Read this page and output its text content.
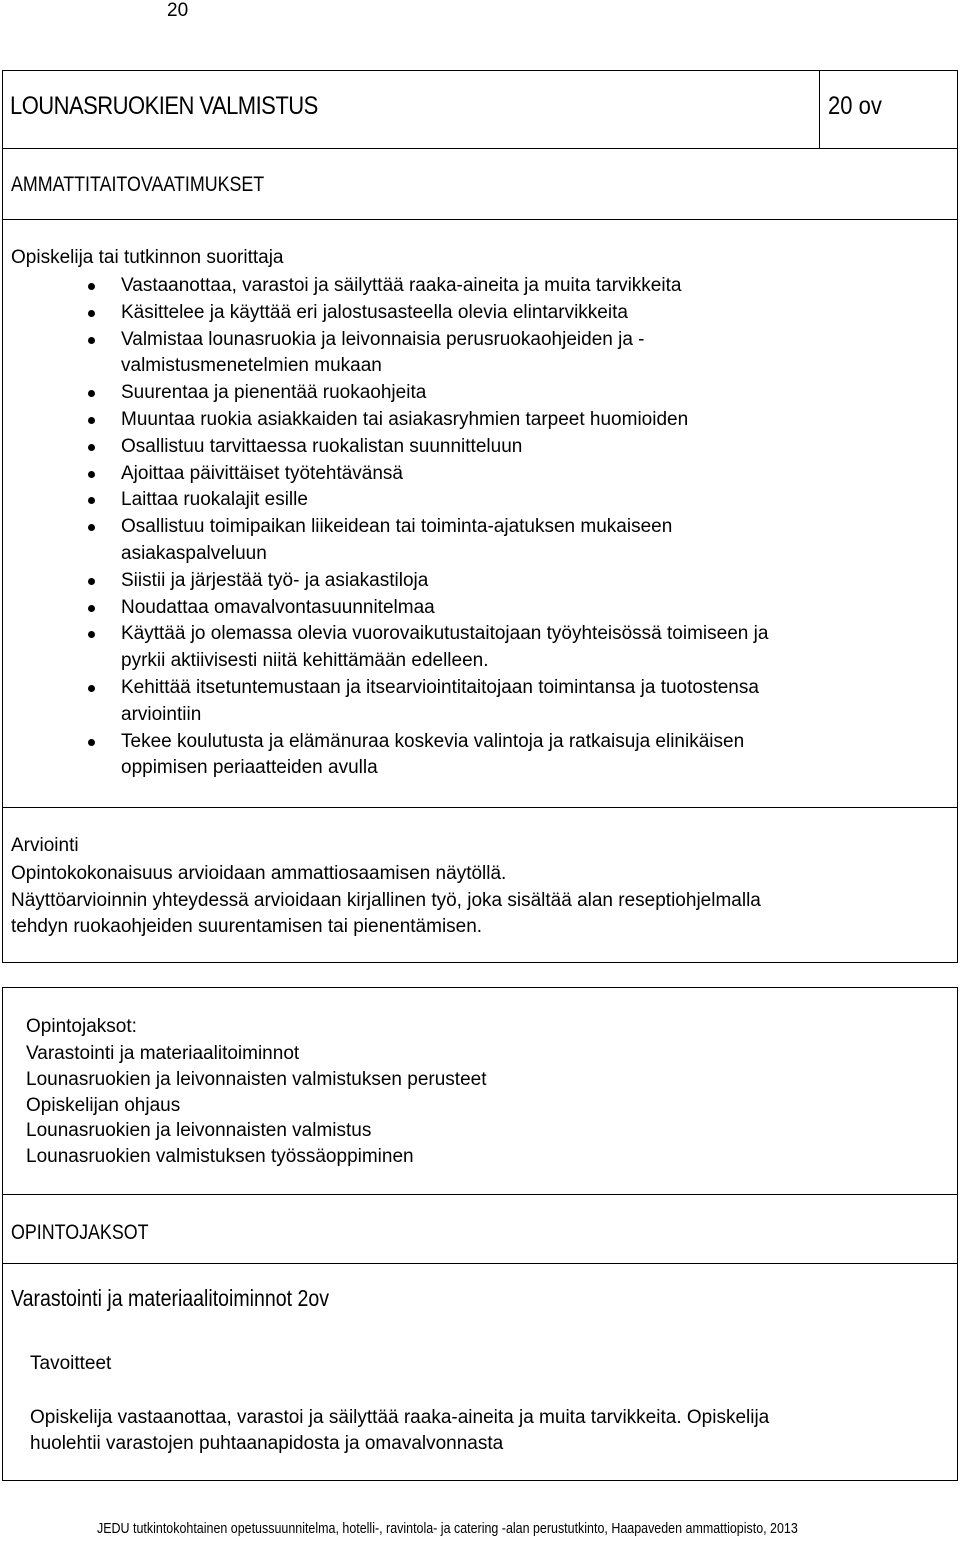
20
LOUNASRUOKIEN VALMISTUS	20 ov
AMMATTITAITOVAATIMUKSET
Opiskelija tai tutkinnon suorittaja
Vastaanottaa, varastoi ja säilyttää raaka-aineita ja muita tarvikkeita
Käsittelee ja käyttää eri jalostusasteella olevia elintarvikkeita
Valmistaa lounasruokia ja leivonnaisia perusruokaohjeiden ja -
valmistusmenetelmien mukaan
Suurentaa ja pienentää ruokaohjeita
Muuntaa ruokia asiakkaiden tai asiakasryhmien tarpeet huomioiden
Osallistuu tarvittaessa ruokalistan suunnitteluun
Ajoittaa päivittäiset työtehtävänsä
Laittaa ruokalajit esille
Osallistuu toimipaikan liikeidean tai toiminta-ajatuksen mukaiseen
asiakaspalveluun
Siistii ja järjestää työ- ja asiakastiloja
Noudattaa omavalvontasuunnitelmaa
Käyttää jo olemassa olevia vuorovaikutustaitojaan työyhteisössä toimiseen ja
pyrkii aktiivisesti niitä kehittämään edelleen.
Kehittää itsetuntemustaan ja itsearviointitaitojaan toimintansa ja tuotostensa
arviointiin
Tekee koulutusta ja elämänuraa koskevia valintoja ja ratkaisuja elinikäisen
oppimisen periaatteiden avulla
Arviointi
Opintokokonaisuus arvioidaan ammattiosaamisen näytöllä.
Näyttöarvioinnin yhteydessä arvioidaan kirjallinen työ, joka sisältää alan reseptiohjelmalla
tehdyn ruokaohjeiden suurentamisen tai pienentämisen.
Opintojaksot:
Varastointi ja materiaalitoiminnot
Lounasruokien ja leivonnaisten valmistuksen perusteet
Opiskelijan ohjaus
Lounasruokien ja leivonnaisten valmistus
Lounasruokien valmistuksen työssäoppiminen
OPINTOJAKSOT
Varastointi ja materiaalitoiminnot 2ov
Tavoitteet
Opiskelija vastaanottaa, varastoi ja säilyttää raaka-aineita ja muita tarvikkeita. Opiskelija
huolehtii varastojen puhtaanapidosta ja omavalvonnasta
JEDU tutkintokohtainen opetussuunnitelma, hotelli-, ravintola- ja catering -alan perustutkinto, Haapaveden ammattiopisto, 2013
